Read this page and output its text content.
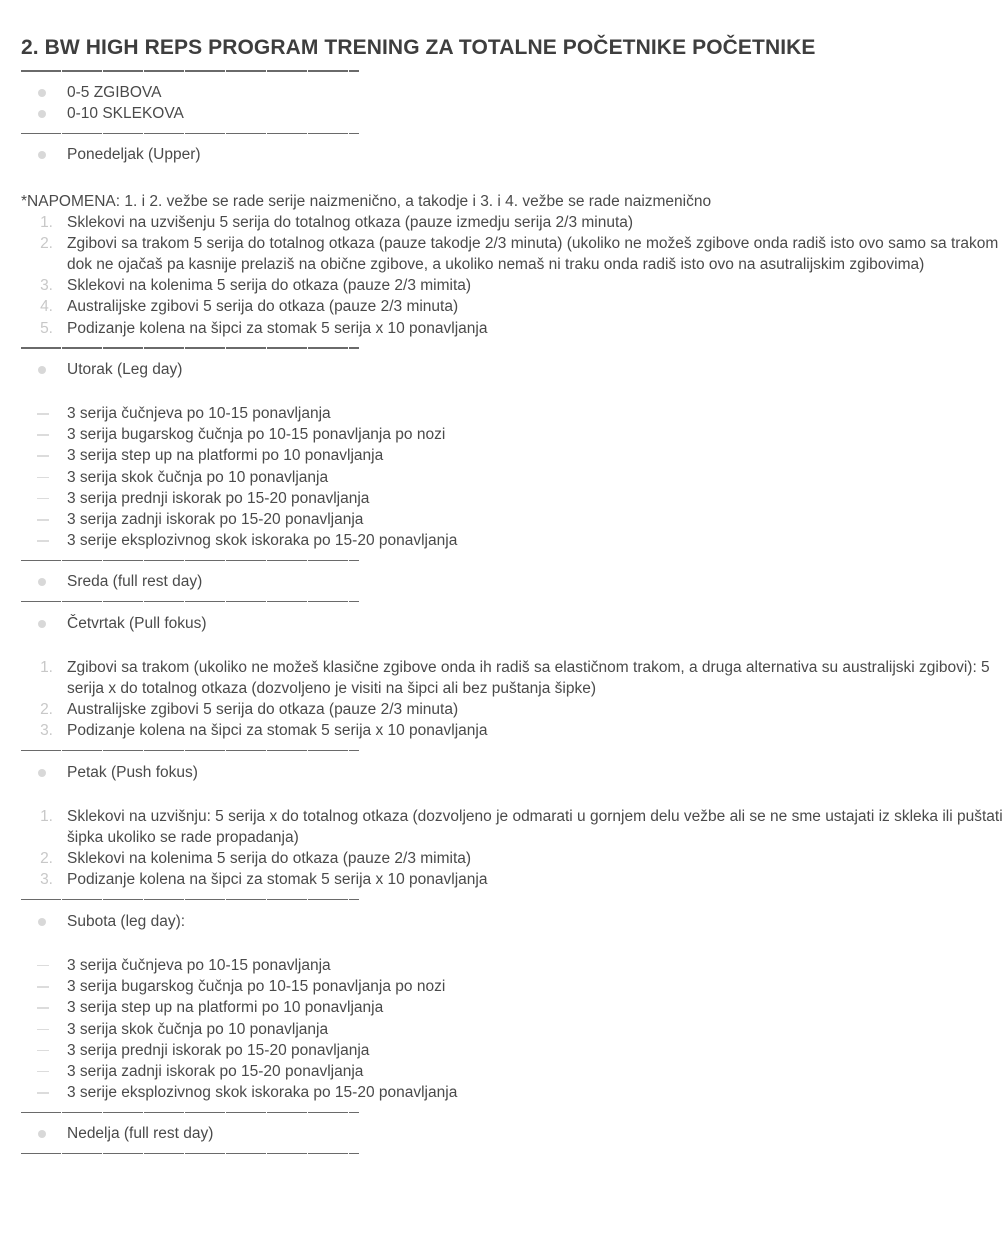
2. BW HIGH REPS PROGRAM TRENING ZA TOTALNE POČETNIKE POČETNIKE
0-5 ZGIBOVA
0-10 SKLEKOVA
Ponedeljak (Upper)
*NAPOMENA: 1. i 2. vežbe se rade serije naizmenično, a takodje i 3. i 4. vežbe se rade naizmenično
1. Sklekovi na uzvišenju 5 serija do totalnog otkaza (pauze izmedju serija 2/3 minuta)
2. Zgibovi sa trakom 5 serija do totalnog otkaza (pauze takodje 2/3 minuta) (ukoliko ne možeš zgibove onda radiš isto ovo samo sa trakom dok ne ojačaš pa kasnije prelaziš na obične zgibove, a ukoliko nemaš ni traku onda radiš isto ovo na asutralijskim zgibovima)
3. Sklekovi na kolenima 5 serija do otkaza (pauze 2/3 mimita)
4. Australijske zgibovi 5 serija do otkaza (pauze 2/3 minuta)
5. Podizanje kolena na šipci za stomak 5 serija x 10 ponavljanja
Utorak (Leg day)
3 serija čučnjeva po 10-15 ponavljanja
3 serija bugarskog čučnja po 10-15 ponavljanja po nozi
3 serija step up na platformi po 10 ponavljanja
3 serija skok čučnja po 10 ponavljanja
3 serija prednji iskorak po 15-20 ponavljanja
3 serija zadnji iskorak po 15-20 ponavljanja
3 serije eksplozivnog skok iskoraka po 15-20 ponavljanja
Sreda (full rest day)
Četvrtak (Pull fokus)
1. Zgibovi sa trakom (ukoliko ne možeš klasične zgibove onda ih radiš sa elastičnom trakom, a druga alternativa su australijski zgibovi): 5 serija x do totalnog otkaza (dozvoljeno je visiti na šipci ali bez puštanja šipke)
2. Australijske zgibovi 5 serija do otkaza (pauze 2/3 minuta)
3. Podizanje kolena na šipci za stomak 5 serija x 10 ponavljanja
Petak (Push fokus)
1. Sklekovi na uzvišnju: 5 serija x do totalnog otkaza (dozvoljeno je odmarati u gornjem delu vežbe ali se ne sme ustajati iz skleka ili puštati šipka ukoliko se rade propadanja)
2. Sklekovi na kolenima 5 serija do otkaza (pauze 2/3 mimita)
3. Podizanje kolena na šipci za stomak 5 serija x 10 ponavljanja
Subota (leg day):
3 serija čučnjeva po 10-15 ponavljanja
3 serija bugarskog čučnja po 10-15 ponavljanja po nozi
3 serija step up na platformi po 10 ponavljanja
3 serija skok čučnja po 10 ponavljanja
3 serija prednji iskorak po 15-20 ponavljanja
3 serija zadnji iskorak po 15-20 ponavljanja
3 serije eksplozivnog skok iskoraka po 15-20 ponavljanja
Nedelja (full rest day)
